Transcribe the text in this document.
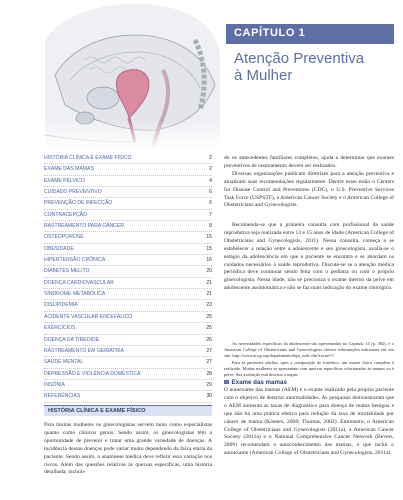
CAPÍTULO 1
Atenção Preventiva
à Mulher
HISTÓRIA CLÍNICA E EXAME FÍSICO	2
EXAME DAS MAMAS	2
EXAME PÉLVICO	4
CUIDADO PREVENTIVO	6
PREVENÇÃO DE INFECÇÃO	6
CONTRACEPÇÃO	7
RASTREAMENTO PARA CÂNCER	8
OSTEOPOROSE	15
OBESIDADE	15
HIPERTENSÃO CRÔNICA	16
DIABETES MELITO	20
DOENÇA CARDIOVASCULAR	21
SÍNDROME METABÓLICA	21
DISLIPIDEMIA	23
ACIDENTE VASCULAR ENCEFÁLICO	25
EXERCÍCIOS	25
DOENÇA DA TIREOIDE	26
RASTREAMENTO EM GERIATRIA	27
SAÚDE MENTAL	27
DEPRESSÃO E VIOLÊNCIA DOMÉSTICA	28
INSÔNIA	29
REFERÊNCIAS	30
HISTÓRIA CLÍNICA E EXAME FÍSICO

Para muitas mulheres os ginecologistas servem tanto como especialistas quanto como clínicos gerais. Sendo assim, os ginecologistas têm a oportunidade de prevenir e tratar uma grande variedade de doenças. A incidência dessas doenças pode variar muito dependendo da faixa etária da paciente. Sendo assim, a anamnese médica deve refletir essa variação nos riscos. Além das questões relativas às queixas específicas, uma história detalhada, incluin-

do os antecedentes familiares completos, ajuda a determinar que exames preventivos de rastreamento devem ser realizados.

Diversas organizações publicam diretrizes para a atenção preventiva e atualizam suas recomendações regularmente. Dentre estas estão o Centers for Disease Control and Preventions (CDC), o U.S. Preventive Services Task Force (USPSTF), a American Cancer Society e o American College of Obstetricians and Gynecologists.

Recomenda-se que a primeira consulta com profissional da saúde reprodutiva seja realizada entre 13 e 15 anos de idade (American College of Obstetricians and Gynecologists, 2011). Nessa consulta, começa a se estabelecer a relação entre a adolescente e seu ginecologista, avalia-se o estágio da adolescência em que a paciente se encontra e se abordam os cuidados necessários à saúde reprodutiva. Discute-se se a atenção médica periódica deve continuar sendo feita com o pediatra ou com o próprio ginecologista. Nessa idade, não se preconiza o exame interno da pelve em adolescente assintomática e não se faz mais indicação do exame citológico.

As necessidades específicas da adolescente são apresentadas no Capítulo 14 (p. 382), e o American College of Obstetricians and Gynecologists oferece informações adicionais em seu site: http://www.acog.org/departments/dept_web.cfm?recno=7.

Para as pacientes adultas, após a composição do histórico, um exame físico completo é realizado. Muitas mulheres se apresentam com queixas específicas relacionadas às mamas ou à pelve. Sua avaliação está descrita a seguir.

Exame das mamas

O autoexame das mamas (AEM) é o exame realizado pela própria paciente com o objetivo de detectar anormalidades. As pesquisas demonstraram que o AEM aumenta as taxas de diagnóstico para doença de mama benigna e que não há uma prática efetiva para redução da taxa de mortalidade por câncer de mama (Kösters, 2008; Thomas, 2002). Entretanto, o American College of Obstetricians and Gynecologists (2011a), a American Cancer Society (2011a) e o National Comprehensive Cancer Network (Bevers, 2009) recomendam o autoconhecimento das mamas, o que inclui o autoexame (American College of Obstetricians and Gynecologists, 2011a).
